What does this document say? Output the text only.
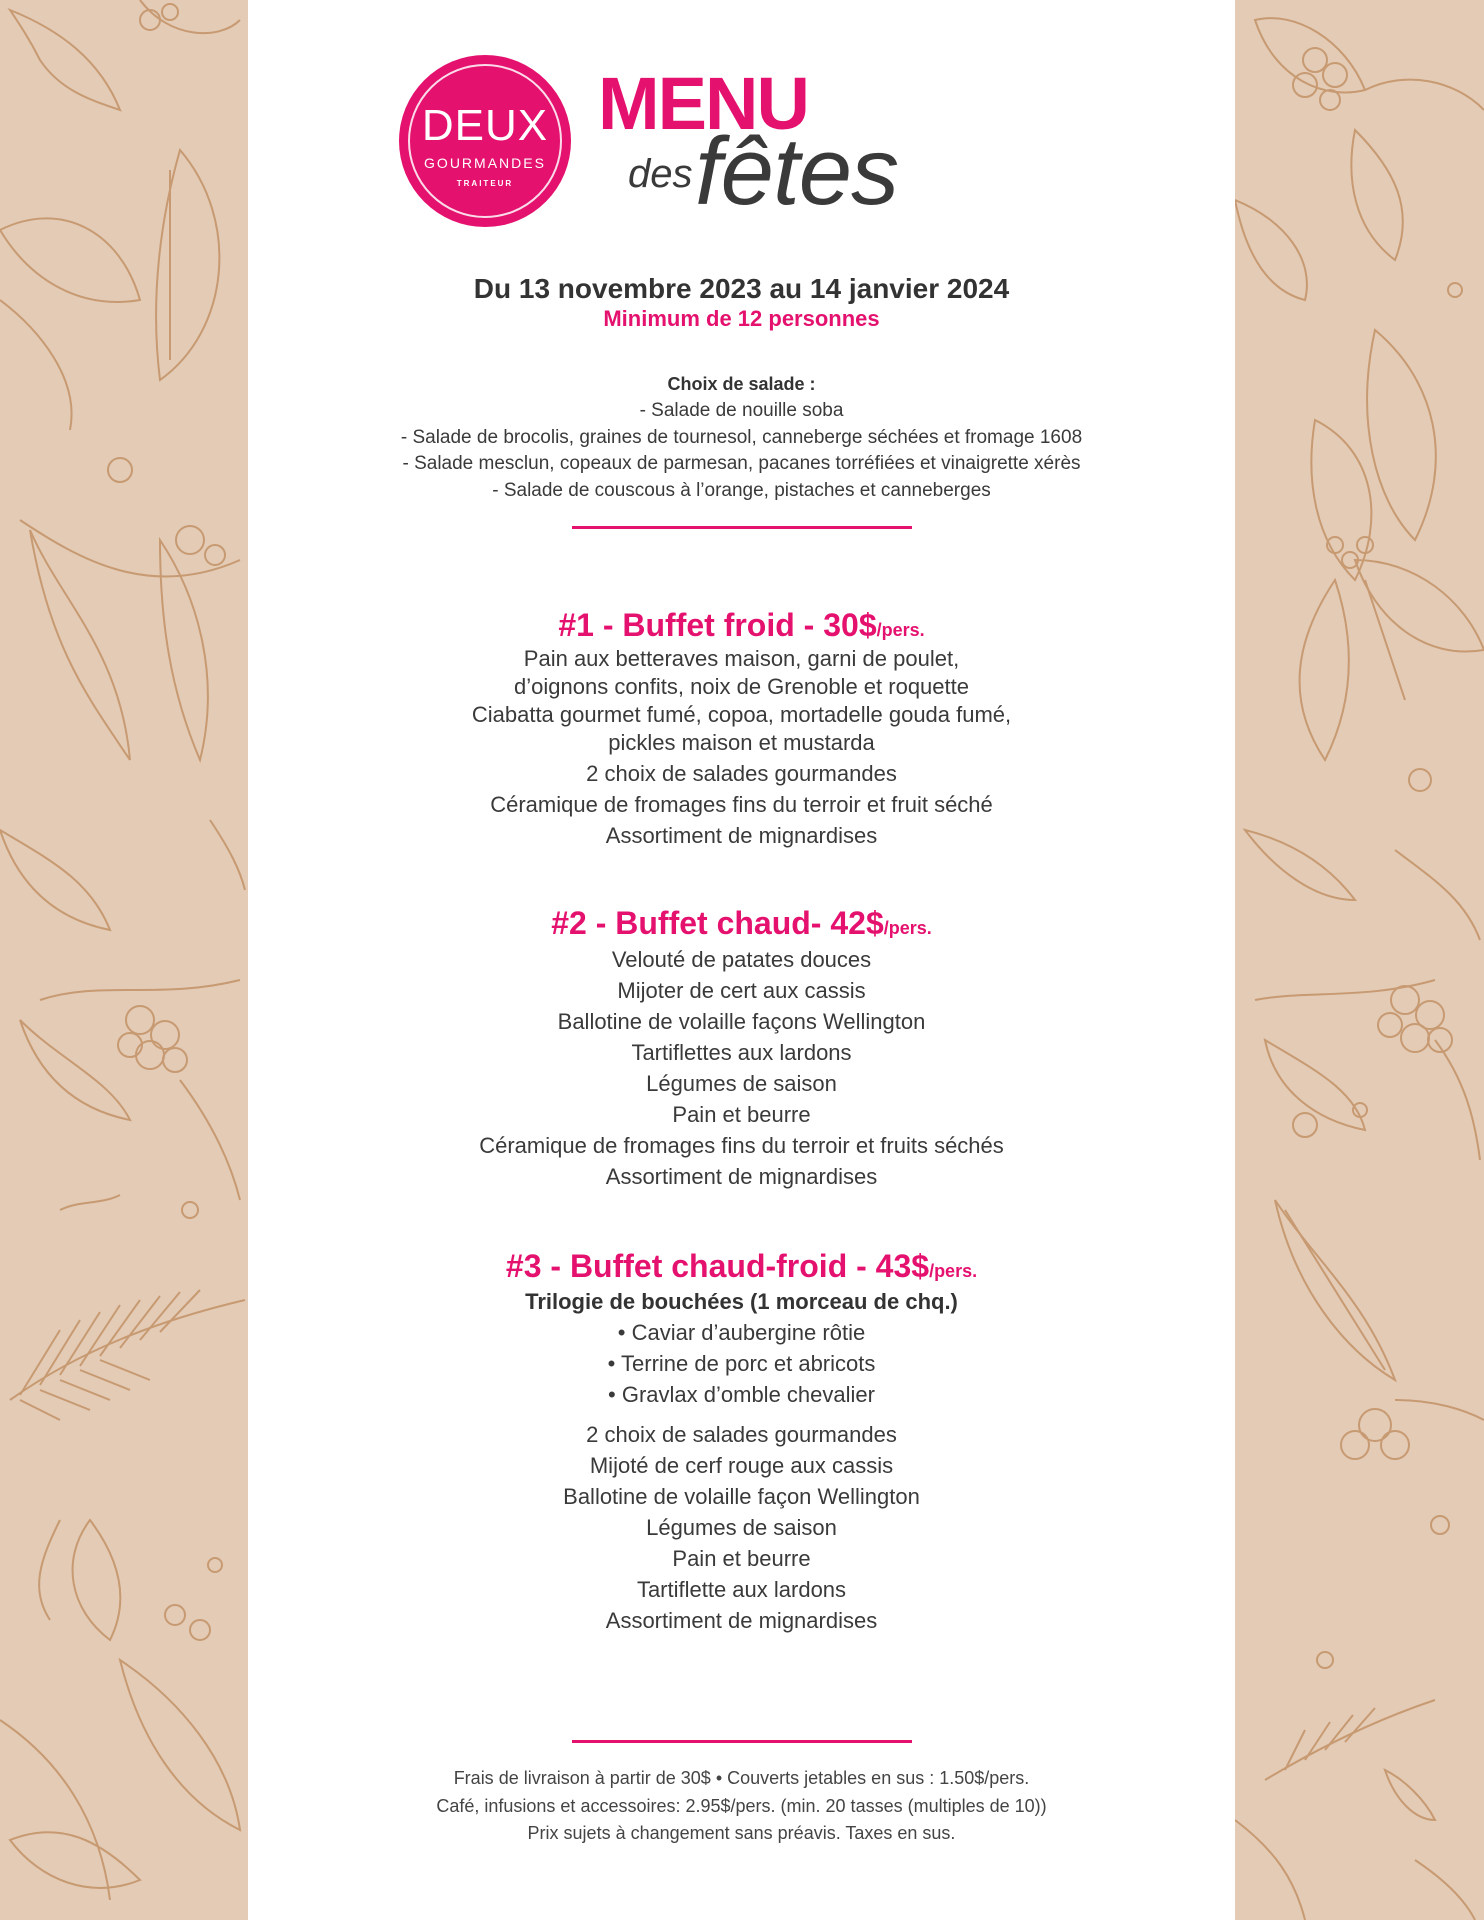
DEUX
GOURMANDES
TRAITEUR
MENU
des fêtes
Du 13 novembre 2023 au 14 janvier 2024
Minimum de 12 personnes
Choix de salade :
- Salade de nouille soba
- Salade de brocolis, graines de tournesol, canneberge séchées et fromage 1608
- Salade mesclun, copeaux de parmesan, pacanes torréfiées et vinaigrette xérès
- Salade de couscous à l’orange, pistaches et canneberges
#1 - Buffet froid - 30$/pers.
Pain aux betteraves maison, garni de poulet,
d’oignons confits, noix de Grenoble et roquette
Ciabatta gourmet fumé, copoa, mortadelle gouda fumé,
pickles maison et mustarda
2 choix de salades gourmandes
Céramique de fromages fins du terroir et fruit séché
Assortiment de mignardises
#2 - Buffet chaud- 42$/pers.
Velouté de patates douces
Mijoter de cert aux cassis
Ballotine de volaille façons Wellington
Tartiflettes aux lardons
Légumes de saison
Pain et beurre
Céramique de fromages fins du terroir et fruits séchés
Assortiment de mignardises
#3 - Buffet chaud-froid - 43$/pers.
Trilogie de bouchées (1 morceau de chq.)
• Caviar d’aubergine rôtie
• Terrine de porc et abricots
• Gravlax d’omble chevalier
2 choix de salades gourmandes
Mijoté de cerf rouge aux cassis
Ballotine de volaille façon Wellington
Légumes de saison
Pain et beurre
Tartiflette aux lardons
Assortiment de mignardises
Frais de livraison à partir de 30$ • Couverts jetables en sus : 1.50$/pers.
Café, infusions et accessoires: 2.95$/pers. (min. 20 tasses (multiples de 10))
Prix sujets à changement sans préavis. Taxes en sus.
